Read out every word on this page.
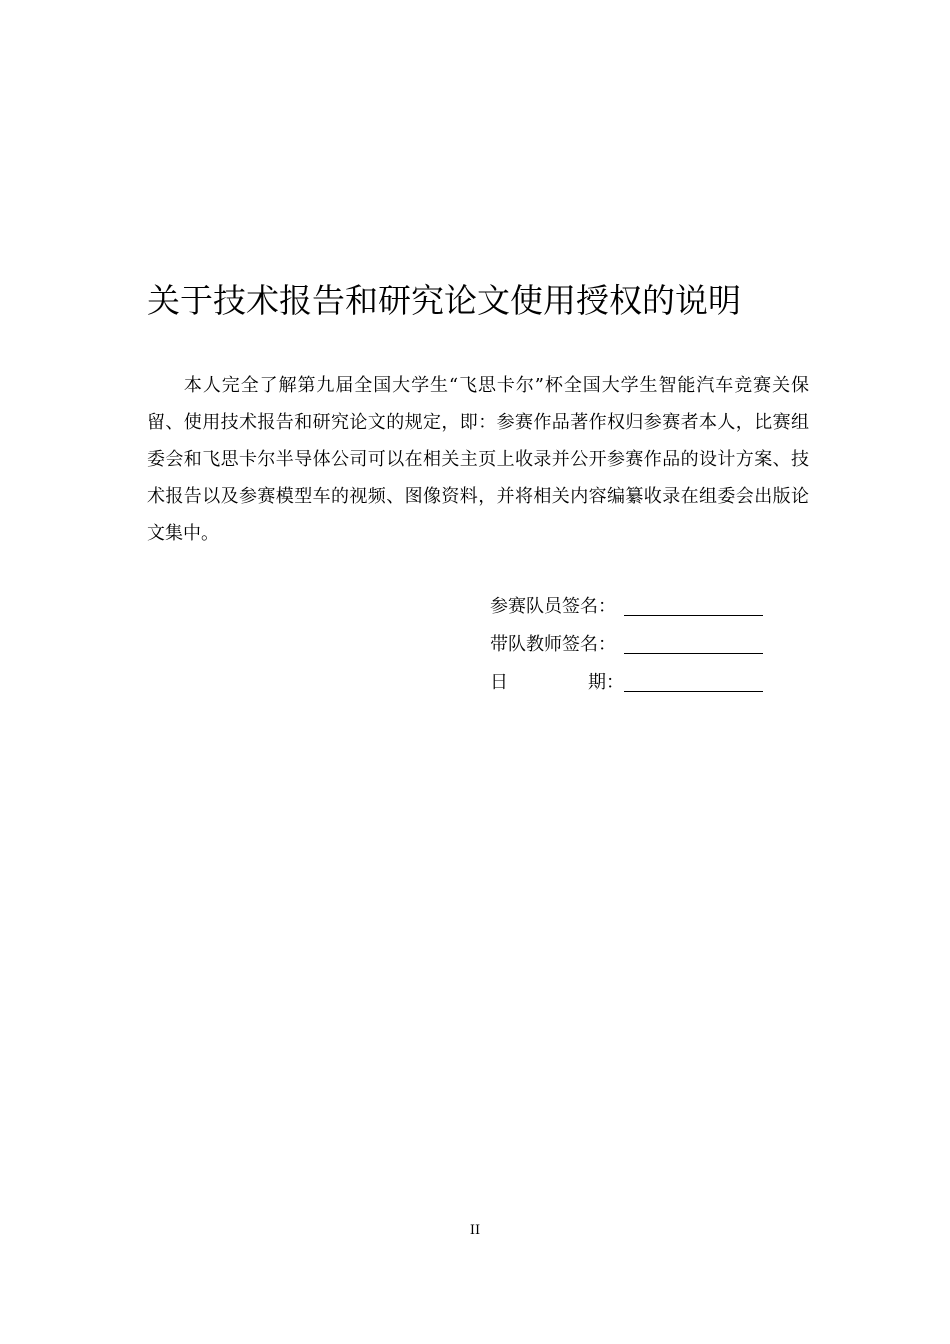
关于技术报告和研究论文使用授权的说明

本人完全了解第九届全国大学生“飞思卡尔”杯全国大学生智能汽车竞赛关保留、使用技术报告和研究论文的规定，即：参赛作品著作权归参赛者本人，比赛组委会和飞思卡尔半导体公司可以在相关主页上收录并公开参赛作品的设计方案、技术报告以及参赛模型车的视频、图像资料，并将相关内容编纂收录在组委会出版论文集中。

参赛队员签名：
带队教师签名：
日	期：
II
